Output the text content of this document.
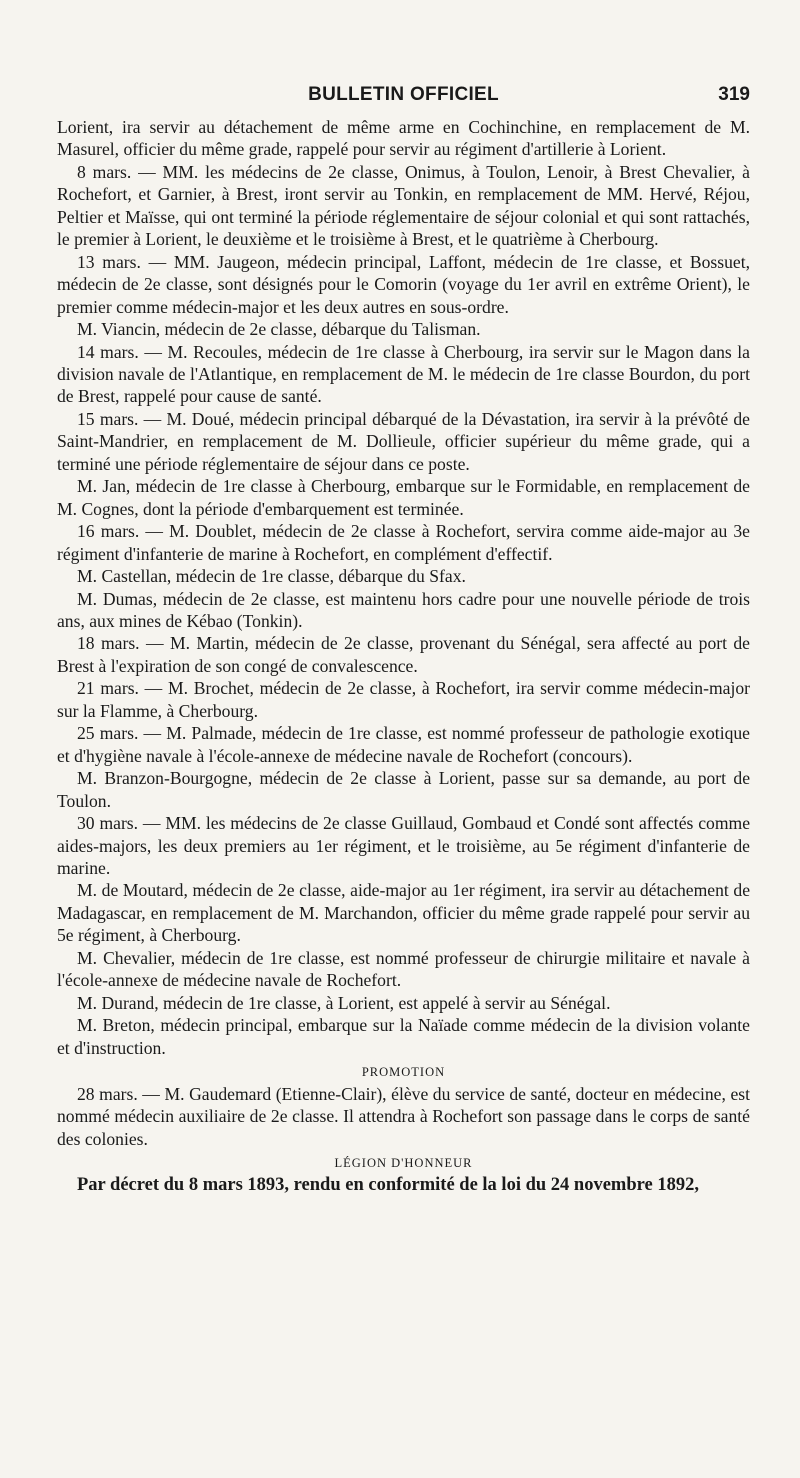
BULLETIN OFFICIEL	319

Lorient, ira servir au détachement de même arme en Cochinchine, en remplacement de M. Masurel, officier du même grade, rappelé pour servir au régiment d'artillerie à Lorient.

8 mars. — MM. les médecins de 2e classe, Onimus, à Toulon, Lenoir, à Brest Chevalier, à Rochefort, et Garnier, à Brest, iront servir au Tonkin, en remplacement de MM. Hervé, Réjou, Peltier et Maïsse, qui ont terminé la période réglementaire de séjour colonial et qui sont rattachés, le premier à Lorient, le deuxième et le troisième à Brest, et le quatrième à Cherbourg.

13 mars. — MM. Jaugeon, médecin principal, Laffont, médecin de 1re classe, et Bossuet, médecin de 2e classe, sont désignés pour le Comorin (voyage du 1er avril en extrême Orient), le premier comme médecin-major et les deux autres en sous-ordre.

M. Viancin, médecin de 2e classe, débarque du Talisman.

14 mars. — M. Recoules, médecin de 1re classe à Cherbourg, ira servir sur le Magon dans la division navale de l'Atlantique, en remplacement de M. le médecin de 1re classe Bourdon, du port de Brest, rappelé pour cause de santé.

15 mars. — M. Doué, médecin principal débarqué de la Dévastation, ira servir à la prévôté de Saint-Mandrier, en remplacement de M. Dollieule, officier supérieur du même grade, qui a terminé une période réglementaire de séjour dans ce poste.

M. Jan, médecin de 1re classe à Cherbourg, embarque sur le Formidable, en remplacement de M. Cognes, dont la période d'embarquement est terminée.

16 mars. — M. Doublet, médecin de 2e classe à Rochefort, servira comme aide-major au 3e régiment d'infanterie de marine à Rochefort, en complément d'effectif.

M. Castellan, médecin de 1re classe, débarque du Sfax.

M. Dumas, médecin de 2e classe, est maintenu hors cadre pour une nouvelle période de trois ans, aux mines de Kébao (Tonkin).

18 mars. — M. Martin, médecin de 2e classe, provenant du Sénégal, sera affecté au port de Brest à l'expiration de son congé de convalescence.

21 mars. — M. Brochet, médecin de 2e classe, à Rochefort, ira servir comme médecin-major sur la Flamme, à Cherbourg.

25 mars. — M. Palmade, médecin de 1re classe, est nommé professeur de pathologie exotique et d'hygiène navale à l'école-annexe de médecine navale de Rochefort (concours).

M. Branzon-Bourgogne, médecin de 2e classe à Lorient, passe sur sa demande, au port de Toulon.

30 mars. — MM. les médecins de 2e classe Guillaud, Gombaud et Condé sont affectés comme aides-majors, les deux premiers au 1er régiment, et le troisième, au 5e régiment d'infanterie de marine.

M. de Moutard, médecin de 2e classe, aide-major au 1er régiment, ira servir au détachement de Madagascar, en remplacement de M. Marchandon, officier du même grade rappelé pour servir au 5e régiment, à Cherbourg.

M. Chevalier, médecin de 1re classe, est nommé professeur de chirurgie militaire et navale à l'école-annexe de médecine navale de Rochefort.

M. Durand, médecin de 1re classe, à Lorient, est appelé à servir au Sénégal.

M. Breton, médecin principal, embarque sur la Naïade comme médecin de la division volante et d'instruction.

PROMOTION

28 mars. — M. Gaudemard (Etienne-Clair), élève du service de santé, docteur en médecine, est nommé médecin auxiliaire de 2e classe. Il attendra à Rochefort son passage dans le corps de santé des colonies.

LÉGION D'HONNEUR

Par décret du 8 mars 1893, rendu en conformité de la loi du 24 novembre 1892,
